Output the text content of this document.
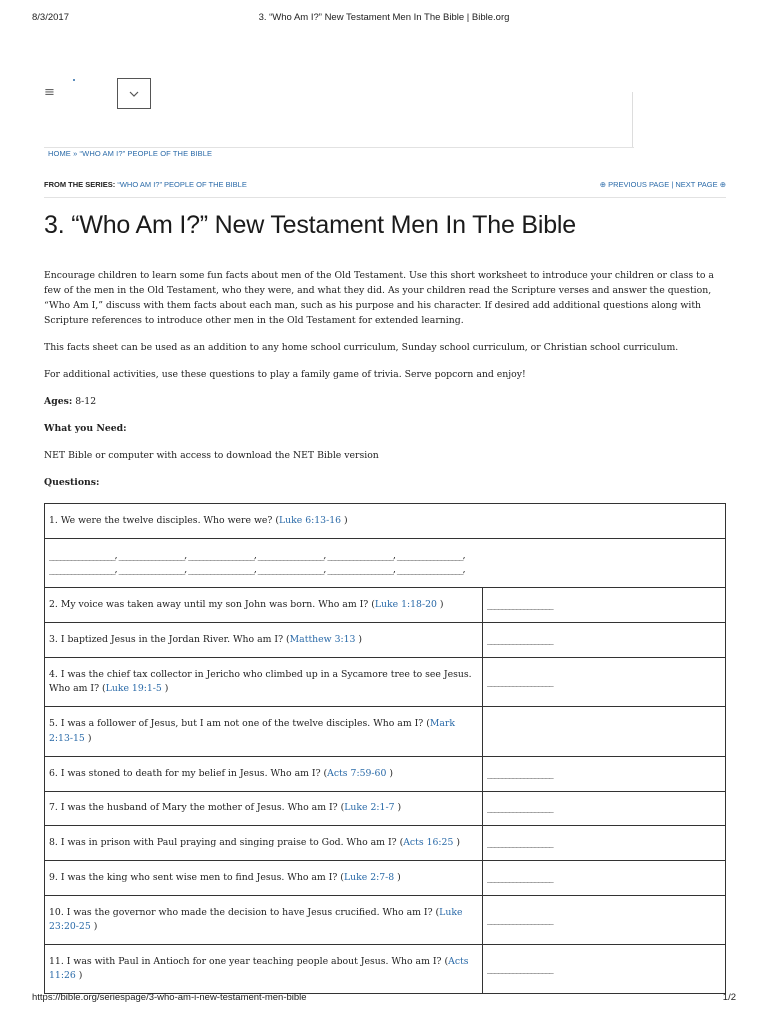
8/3/2017	3. “Who Am I?” New Testament Men In The Bible | Bible.org
≡
HOME » “WHO AM I?” PEOPLE OF THE BIBLE
FROM THE SERIES: “WHO AM I?” PEOPLE OF THE BIBLE	⊕ PREVIOUS PAGE | NEXT PAGE ⊕
3. “Who Am I?” New Testament Men In The Bible

Encourage children to learn some fun facts about men of the Old Testament. Use this short worksheet to introduce your children or class to a few of the men in the Old Testament, who they were, and what they did. As your children read the Scripture verses and answer the question, “Who Am I,” discuss with them facts about each man, such as his purpose and his character. If desired add additional questions along with Scripture references to introduce other men in the Old Testament for extended learning.

This facts sheet can be used as an addition to any home school curriculum, Sunday school curriculum, or Christian school curriculum.

For additional activities, use these questions to play a family game of trivia. Serve popcorn and enjoy!

Ages: 8-12

What you Need:

NET Bible or computer with access to download the NET Bible version

Questions:

1. We were the twelve disciples. Who were we? (Luke 6:13-16 )	

__________________, __________________, __________________, __________________, __________________, __________________,
__________________, __________________, __________________, __________________, __________________, __________________,	

2. My voice was taken away until my son John was born. Who am I? (Luke 1:18-20 )	__________________
3. I baptized Jesus in the Jordan River. Who am I? (Matthew 3:13 )	__________________
4. I was the chief tax collector in Jericho who climbed up in a Sycamore tree to see Jesus. Who am I? (Luke 19:1-5 )	__________________
5. I was a follower of Jesus, but I am not one of the twelve disciples. Who am I? (Mark 2:13-15 )	
6. I was stoned to death for my belief in Jesus. Who am I? (Acts 7:59-60 )	__________________
7. I was the husband of Mary the mother of Jesus. Who am I? (Luke 2:1-7 )	__________________
8. I was in prison with Paul praying and singing praise to God. Who am I? (Acts 16:25 )	__________________
9. I was the king who sent wise men to find Jesus. Who am I? (Luke 2:7-8 )	__________________
10. I was the governor who made the decision to have Jesus crucified. Who am I? (Luke 23:20-25 )	__________________
11. I was with Paul in Antioch for one year teaching people about Jesus. Who am I? (Acts 11:26 )	__________________
https://bible.org/seriespage/3-who-am-i-new-testament-men-bible	1/2
